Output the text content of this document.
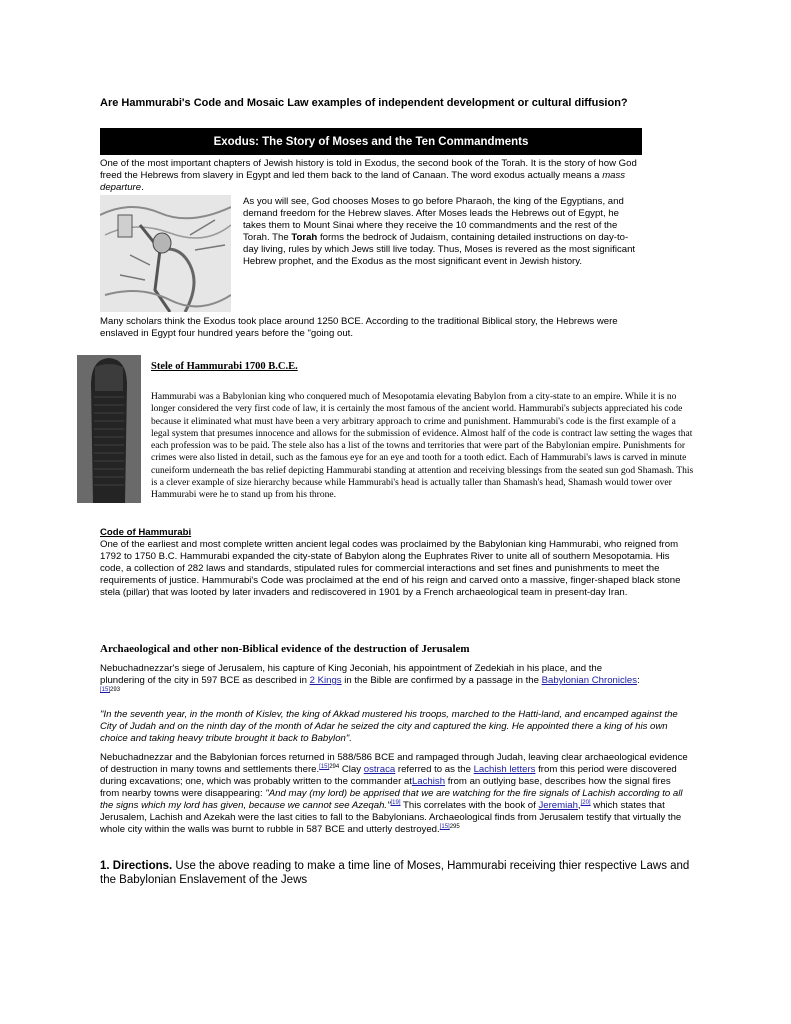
Are Hammurabi's Code and Mosaic Law examples of independent development or cultural diffusion?
Exodus: The Story of Moses and the Ten Commandments
One of the most important chapters of Jewish history is told in Exodus, the second book of the Torah. It is the story of how God freed the Hebrews from slavery in Egypt and led them back to the land of Canaan. The word exodus actually means a mass departure.
As you will see, God chooses Moses to go before Pharaoh, the king of the Egyptians, and demand freedom for the Hebrew slaves. After Moses leads the Hebrews out of Egypt, he takes them to Mount Sinai where they receive the 10 commandments and the rest of the Torah. The Torah forms the bedrock of Judaism, containing detailed instructions on day-to-day living, rules by which Jews still live today. Thus, Moses is revered as the most significant Hebrew prophet, and the Exodus as the most significant event in Jewish history.
Many scholars think the Exodus took place around 1250 BCE. According to the traditional Biblical story, the Hebrews were enslaved in Egypt four hundred years before the "going out.
Stele of Hammurabi 1700 B.C.E.
Hammurabi was a Babylonian king who conquered much of Mesopotamia elevating Babylon from a city-state to an empire. While it is no longer considered the very first code of law, it is certainly the most famous of the ancient world. Hammurabi's subjects appreciated his code because it eliminated what must have been a very arbitrary approach to crime and punishment. Hammurabi's code is the first example of a legal system that presumes innocence and allows for the submission of evidence. Almost half of the code is contract law setting the wages that each profession was to be paid. The stele also has a list of the towns and territories that were part of the Babylonian empire. Punishments for crimes were also listed in detail, such as the famous eye for an eye and tooth for a tooth edict. Each of Hammurabi's laws is carved in minute cuneiform underneath the bas relief depicting Hammurabi standing at attention and receiving blessings from the seated sun god Shamash. This is a clever example of size hierarchy because while Hammurabi's head is actually taller than Shamash's head, Shamash would tower over Hammurabi were he to stand up from his throne.
Code of Hammurabi
One of the earliest and most complete written ancient legal codes was proclaimed by the Babylonian king Hammurabi, who reigned from 1792 to 1750 B.C. Hammurabi expanded the city-state of Babylon along the Euphrates River to unite all of southern Mesopotamia. His code, a collection of 282 laws and standards, stipulated rules for commercial interactions and set fines and punishments to meet the requirements of justice. Hammurabi's Code was proclaimed at the end of his reign and carved onto a massive, finger-shaped black stone stela (pillar) that was looted by later invaders and rediscovered in 1901 by a French archaeological team in present-day Iran.
Archaeological and other non-Biblical evidence of the destruction of Jerusalem
Nebuchadnezzar's siege of Jerusalem, his capture of King Jeconiah, his appointment of Zedekiah in his place, and the plundering of the city in 597 BCE as described in 2 Kings in the Bible are confirmed by a passage in the Babylonian Chronicles:$^{[15]293}$
"In the seventh year, in the month of Kislev, the king of Akkad mustered his troops, marched to the Hatti-land, and encamped against the City of Judah and on the ninth day of the month of Adar he seized the city and captured the king. He appointed there a king of his own choice and taking heavy tribute brought it back to Babylon".
Nebuchadnezzar and the Babylonian forces returned in 588/586 BCE and rampaged through Judah, leaving clear archaeological evidence of destruction in many towns and settlements there.$^{[15]294}$ Clay ostraca referred to as the Lachish letters from this period were discovered during excavations; one, which was probably written to the commander atLachish from an outlying base, describes how the signal fires from nearby towns were disappearing: "And may (my lord) be apprised that we are watching for the fire signals of Lachish according to all the signs which my lord has given, because we cannot see Azeqah."[19] This correlates with the book of Jeremiah,[20] which states that Jerusalem, Lachish and Azekah were the last cities to fall to the Babylonians. Archaeological finds from Jerusalem testify that virtually the whole city within the walls was burnt to rubble in 587 BCE and utterly destroyed.$^{[15]295}$
1. Directions. Use the above reading to make a time line of Moses, Hammurabi receiving thier respective Laws and the Babylonian Enslavement of the Jews
